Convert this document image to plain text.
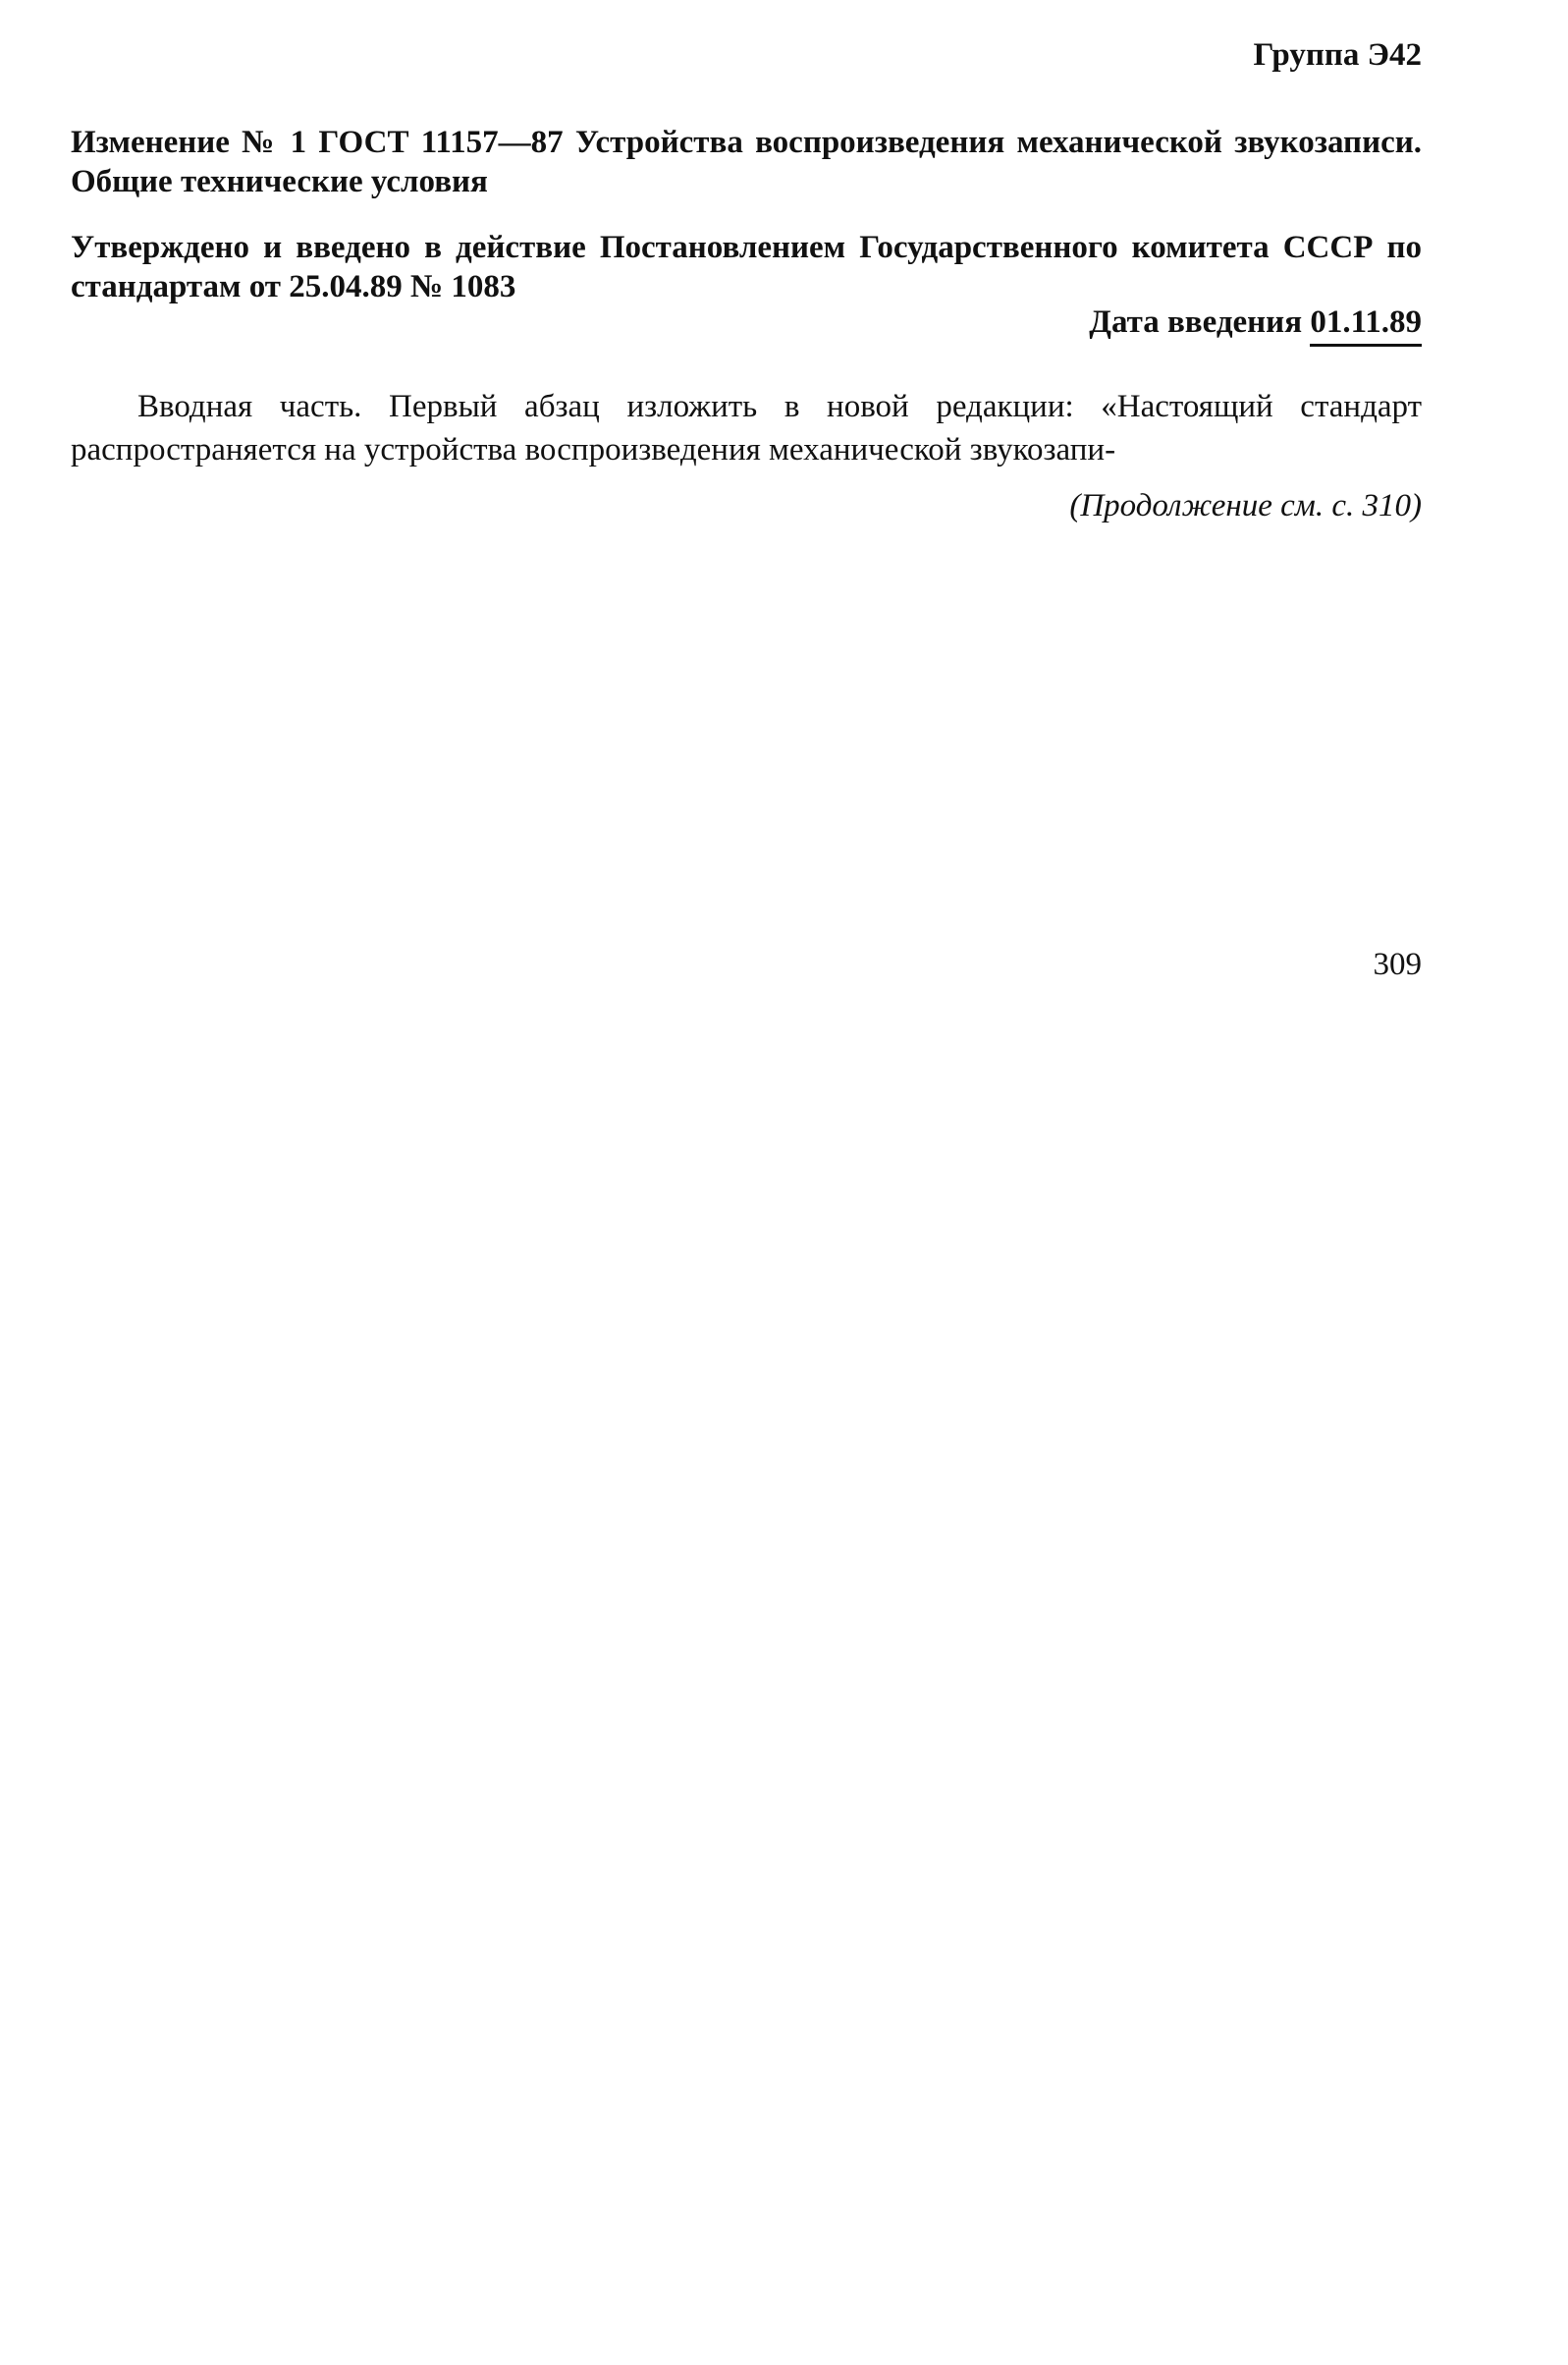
Группа Э42
Изменение № 1 ГОСТ 11157—87 Устройства воспроизведения механической звукозаписи. Общие технические условия
Утверждено и введено в действие Постановлением Государственного комитета СССР по стандартам от 25.04.89 № 1083
Дата введения 01.11.89
Вводная часть. Первый абзац изложить в новой редакции: «Настоящий стандарт распространяется на устройства воспроизведения механической звукозапи-
(Продолжение см. с. 310)
309
